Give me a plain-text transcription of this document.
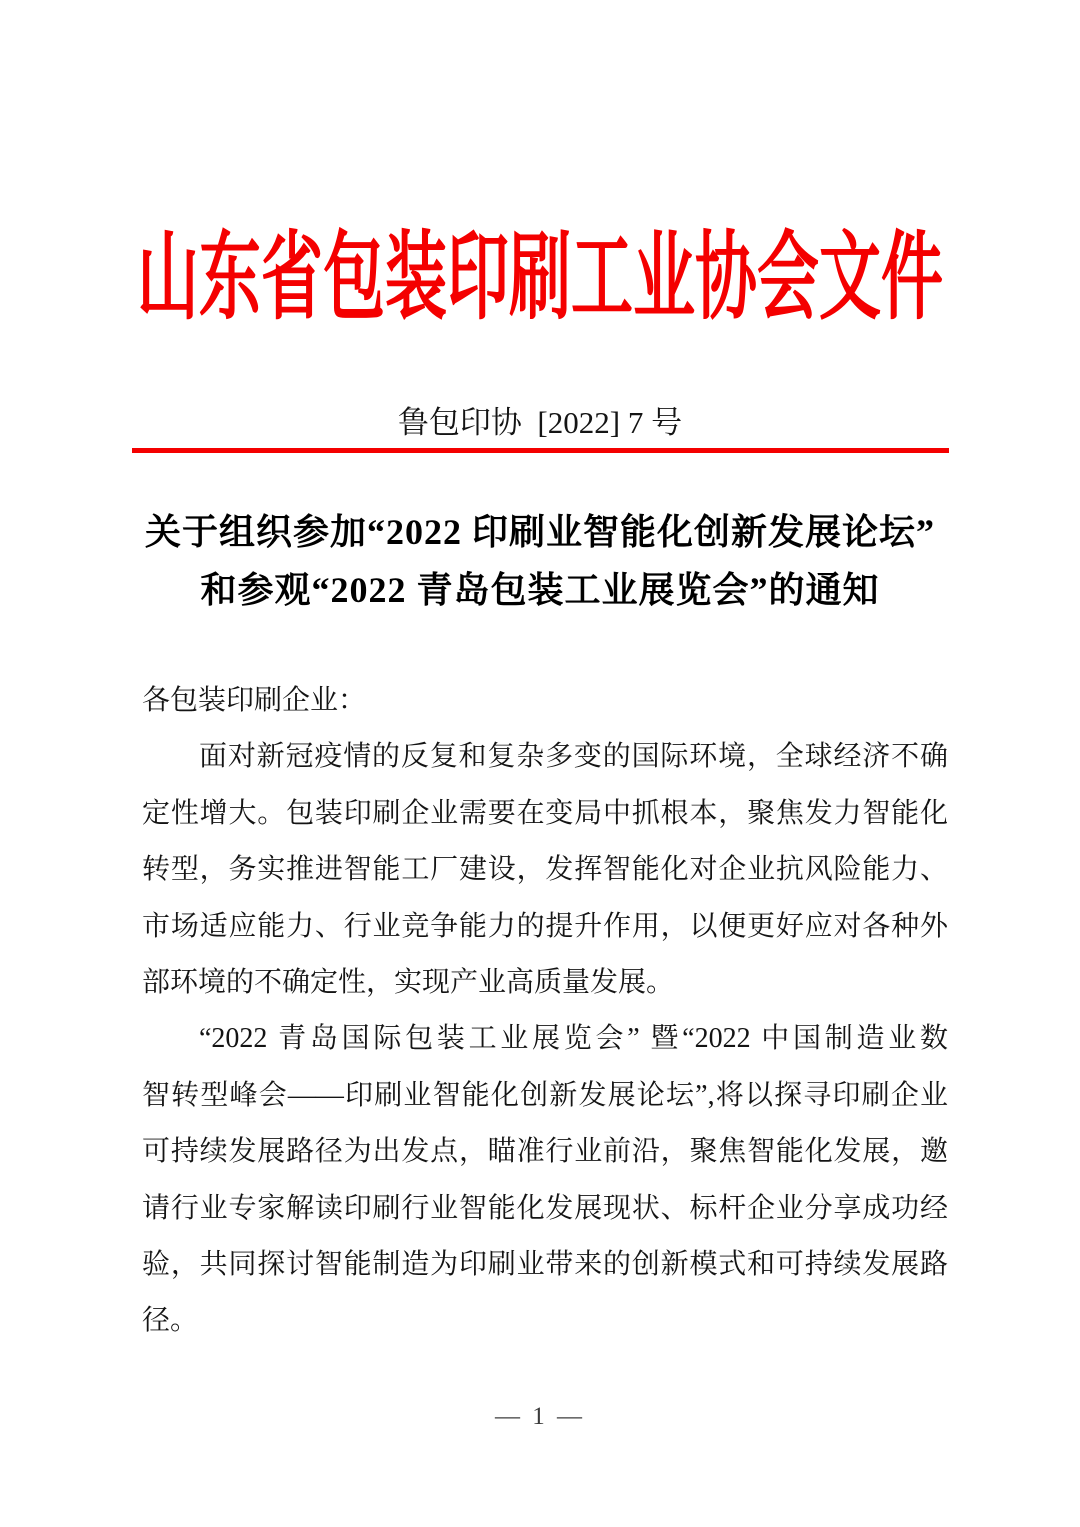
山东省包装印刷工业协会文件
鲁包印协  [2022] 7 号
关于组织参加“2022 印刷业智能化创新发展论坛”
和参观“2022 青岛包装工业展览会”的通知
各包装印刷企业：
面对新冠疫情的反复和复杂多变的国际环境，全球经济不确
定性增大。包装印刷企业需要在变局中抓根本，聚焦发力智能化
转型，务实推进智能工厂建设，发挥智能化对企业抗风险能力、
市场适应能力、行业竞争能力的提升作用，以便更好应对各种外
部环境的不确定性，实现产业高质量发展。
“2022 青岛国际包装工业展览会” 暨“2022 中国制造业数
智转型峰会——印刷业智能化创新发展论坛”,将以探寻印刷企业
可持续发展路径为出发点，瞄准行业前沿，聚焦智能化发展，邀
请行业专家解读印刷行业智能化发展现状、标杆企业分享成功经
验，共同探讨智能制造为印刷业带来的创新模式和可持续发展路
径。
— 1 —
